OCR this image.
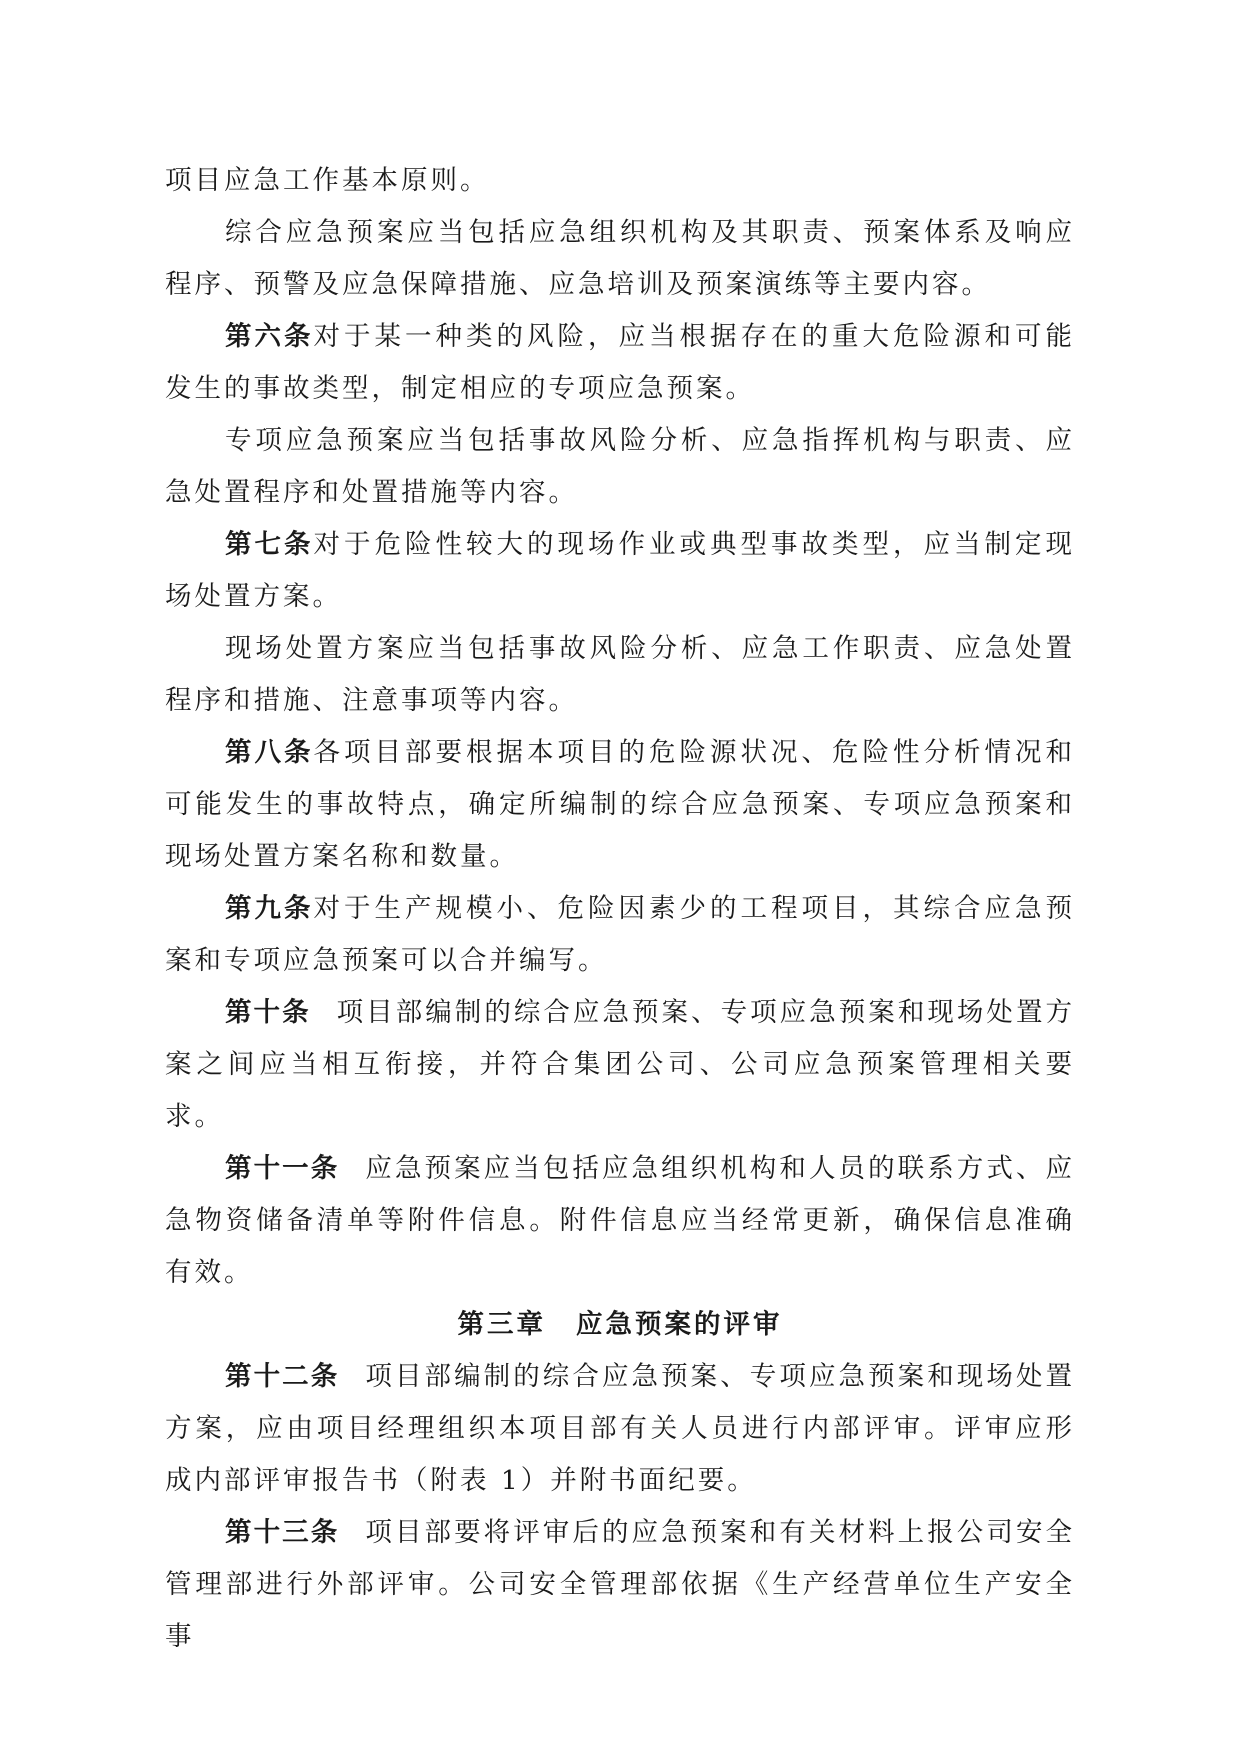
项目应急工作基本原则。

综合应急预案应当包括应急组织机构及其职责、预案体系及响应程序、预警及应急保障措施、应急培训及预案演练等主要内容。

第六条对于某一种类的风险，应当根据存在的重大危险源和可能发生的事故类型，制定相应的专项应急预案。

专项应急预案应当包括事故风险分析、应急指挥机构与职责、应急处置程序和处置措施等内容。

第七条对于危险性较大的现场作业或典型事故类型，应当制定现场处置方案。

现场处置方案应当包括事故风险分析、应急工作职责、应急处置程序和措施、注意事项等内容。

第八条各项目部要根据本项目的危险源状况、危险性分析情况和可能发生的事故特点，确定所编制的综合应急预案、专项应急预案和现场处置方案名称和数量。

第九条对于生产规模小、危险因素少的工程项目，其综合应急预案和专项应急预案可以合并编写。

第十条 项目部编制的综合应急预案、专项应急预案和现场处置方案之间应当相互衔接，并符合集团公司、公司应急预案管理相关要求。

第十一条 应急预案应当包括应急组织机构和人员的联系方式、应急物资储备清单等附件信息。附件信息应当经常更新，确保信息准确有效。

第三章 应急预案的评审

第十二条 项目部编制的综合应急预案、专项应急预案和现场处置方案，应由项目经理组织本项目部有关人员进行内部评审。评审应形成内部评审报告书（附表 1）并附书面纪要。

第十三条 项目部要将评审后的应急预案和有关材料上报公司安全管理部进行外部评审。公司安全管理部依据《生产经营单位生产安全事
